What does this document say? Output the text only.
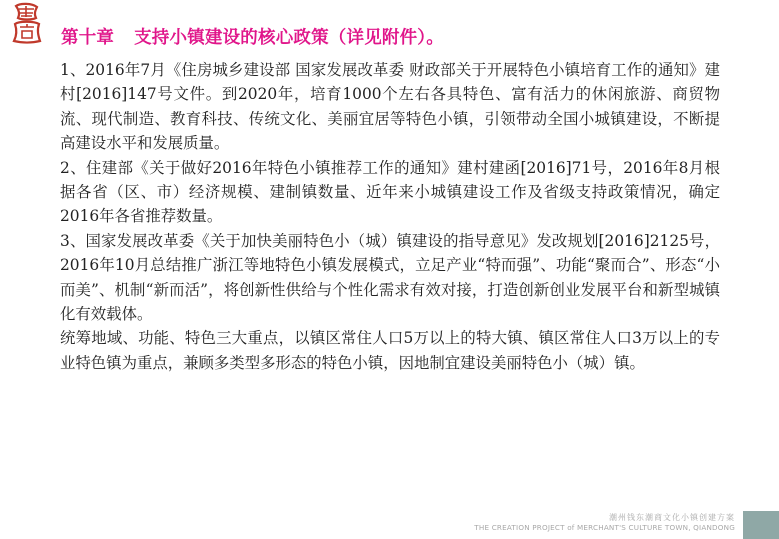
第十章 支持小镇建设的核心政策（详见附件）。

1、2016年7月《住房城乡建设部 国家发展改革委 财政部关于开展特色小镇培育工作的通知》建村[2016]147号文件。到2020年，培育1000个左右各具特色、富有活力的休闲旅游、商贸物流、现代制造、教育科技、传统文化、美丽宜居等特色小镇，引领带动全国小城镇建设，不断提高建设水平和发展质量。

2、住建部《关于做好2016年特色小镇推荐工作的通知》建村建函[2016]71号，2016年8月根据各省（区、市）经济规模、建制镇数量、近年来小城镇建设工作及省级支持政策情况，确定2016年各省推荐数量。

3、国家发展改革委《关于加快美丽特色小（城）镇建设的指导意见》发改规划[2016]2125号，2016年10月总结推广浙江等地特色小镇发展模式，立足产业“特而强”、功能“聚而合”、形态“小而美”、机制“新而活”，将创新性供给与个性化需求有效对接，打造创新创业发展平台和新型城镇化有效载体。

统筹地域、功能、特色三大重点，以镇区常住人口5万以上的特大镇、镇区常住人口3万以上的专业特色镇为重点，兼顾多类型多形态的特色小镇，因地制宜建设美丽特色小（城）镇。

潮州钱东潮商文化小镇创建方案
THE CREATION PROJECT of MERCHANT'S CULTURE TOWN, QIANDONG
